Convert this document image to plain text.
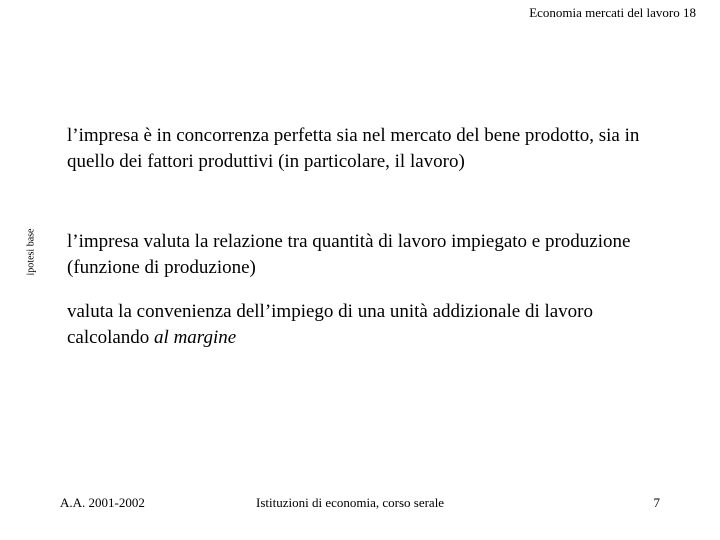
Economia mercati del lavoro 18
ipotesi base

l’impresa è in concorrenza perfetta sia nel mercato del bene prodotto, sia in quello dei fattori produttivi (in particolare, il lavoro)

l’impresa valuta la relazione tra quantità di lavoro impiegato e produzione (funzione di produzione)

valuta la convenienza dell’impiego di una unità addizionale di lavoro calcolando al margine

A.A. 2001-2002	Istituzioni di economia, corso serale	7
